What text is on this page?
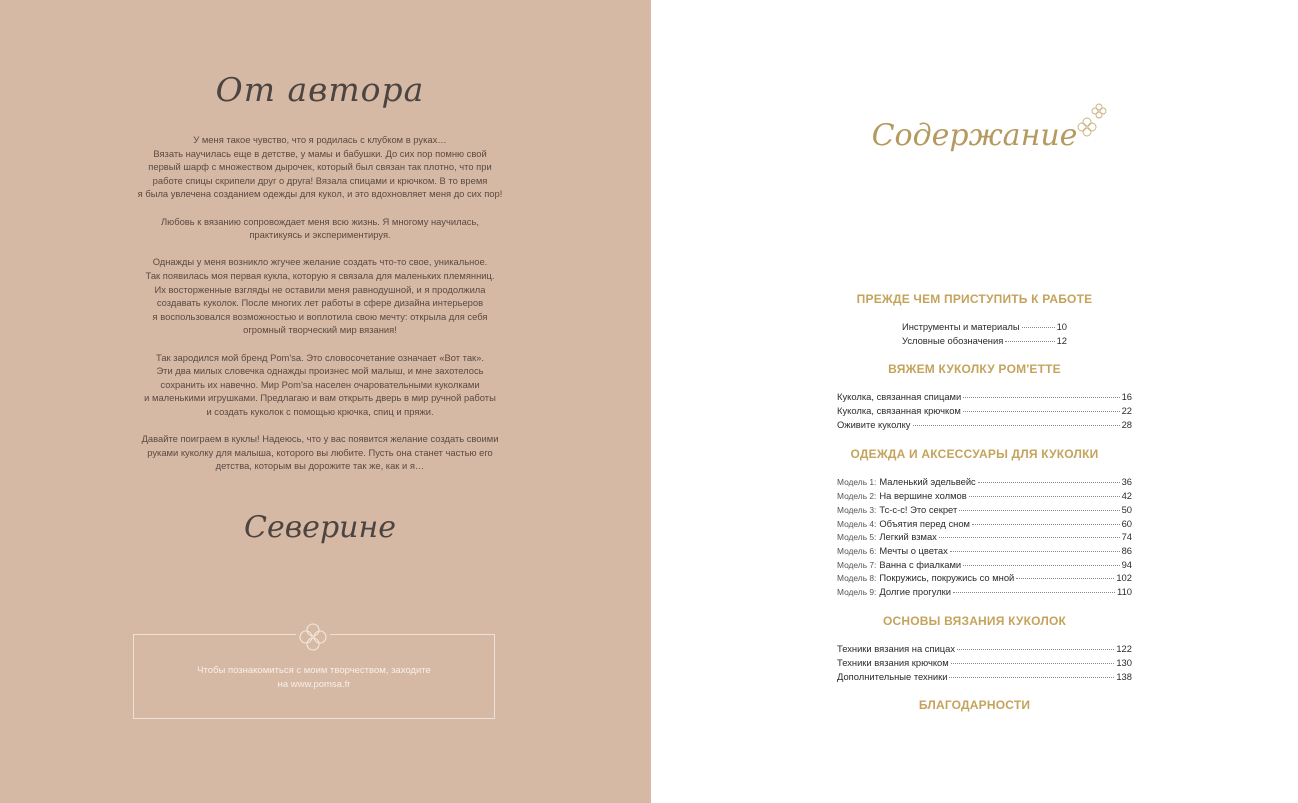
От автора

У меня такое чувство, что я родилась с клубком в руках…
Вязать научилась еще в детстве, у мамы и бабушки. До сих пор помню свой
первый шарф с множеством дырочек, который был связан так плотно, что при
работе спицы скрипели друг о друга! Вязала спицами и крючком. В то время
я была увлечена созданием одежды для кукол, и это вдохновляет меня до сих пор!

Любовь к вязанию сопровождает меня всю жизнь. Я многому научилась,
практикуясь и экспериментируя.

Однажды у меня возникло жгучее желание создать что-то свое, уникальное.
Так появилась моя первая кукла, которую я связала для маленьких племянниц.
Их восторженные взгляды не оставили меня равнодушной, и я продолжила
создавать куколок. После многих лет работы в сфере дизайна интерьеров
я воспользовался возможностью и воплотила свою мечту: открыла для себя
огромный творческий мир вязания!

Так зародился мой бренд Pom'sa. Это словосочетание означает «Вот так».
Эти два милых словечка однажды произнес мой малыш, и мне захотелось
сохранить их навечно. Мир Pom'sa населен очаровательными куколками
и маленькими игрушками. Предлагаю и вам открыть дверь в мир ручной работы
и создать куколок с помощью крючка, спиц и пряжи.

Давайте поиграем в куклы! Надеюсь, что у вас появится желание создать своими
руками куколку для малыша, которого вы любите. Пусть она станет частью его
детства, которым вы дорожите так же, как и я…

Северине
Чтобы познакомиться с моим творчеством, заходите
на www.pomsa.fr
Содержание
ПРЕЖДЕ ЧЕМ ПРИСТУПИТЬ К РАБОТЕ
Инструменты и материалы	10
Условные обозначения	12
ВЯЖЕМ КУКОЛКУ POM'ETTE
Куколка, связанная спицами	16
Куколка, связанная крючком	22
Оживите куколку	28
ОДЕЖДА И АКСЕССУАРЫ ДЛЯ КУКОЛКИ
Модель 1: Маленький эдельвейс	36
Модель 2: На вершине холмов	42
Модель 3: Тс-с-с! Это секрет	50
Модель 4: Объятия перед сном	60
Модель 5: Легкий взмах	74
Модель 6: Мечты о цветах	86
Модель 7: Ванна с фиалками	94
Модель 8: Покружись, покружись со мной	102
Модель 9: Долгие прогулки	110
ОСНОВЫ ВЯЗАНИЯ КУКОЛОК
Техники вязания на спицах	122
Техники вязания крючком	130
Дополнительные техники	138
БЛАГОДАРНОСТИ
